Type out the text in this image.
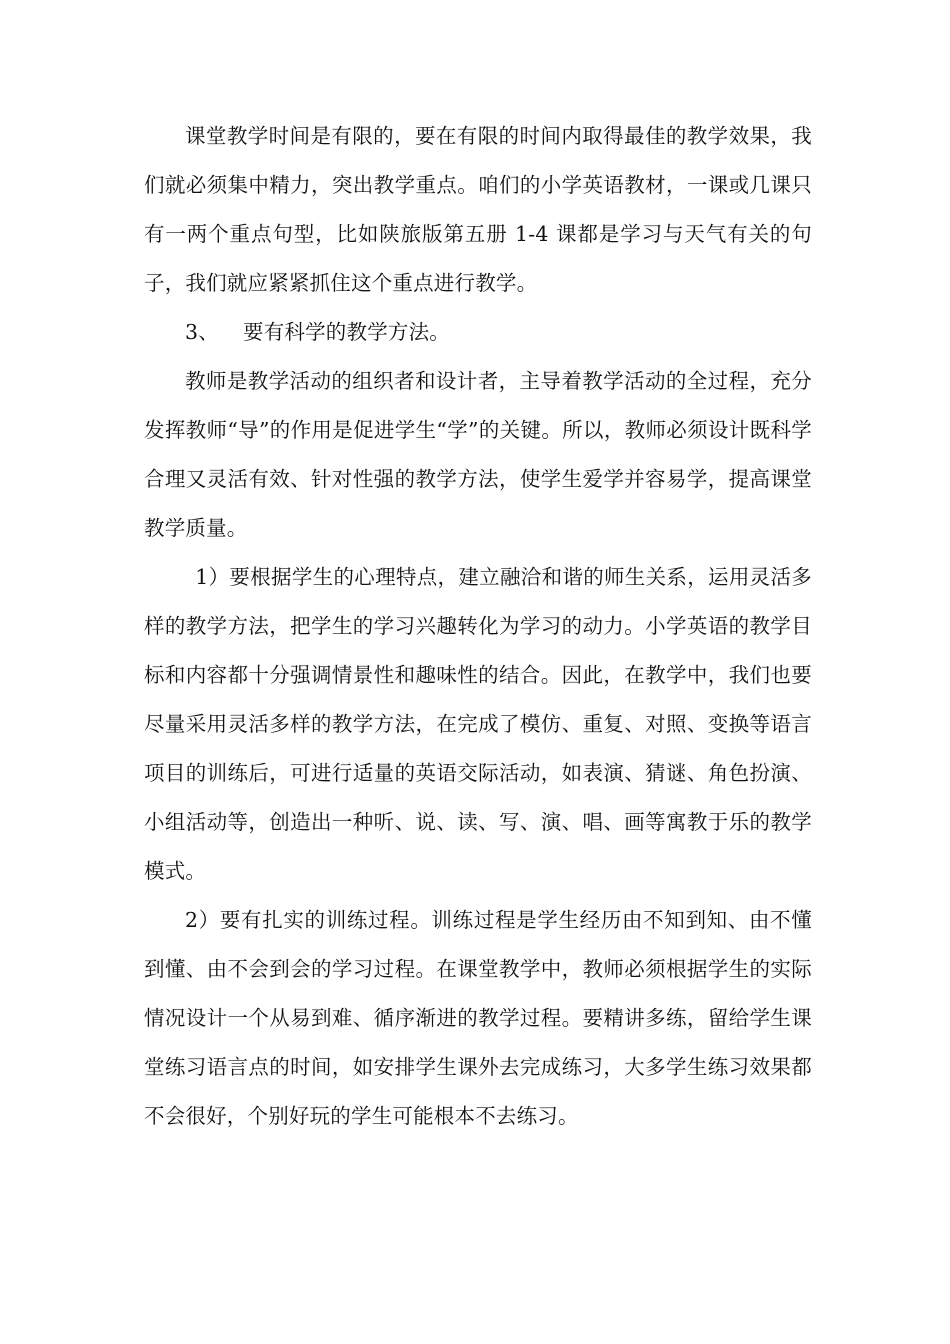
课堂教学时间是有限的，要在有限的时间内取得最佳的教学效果，我们就必须集中精力，突出教学重点。咱们的小学英语教材，一课或几课只有一两个重点句型，比如陕旅版第五册 1-4 课都是学习与天气有关的句子，我们就应紧紧抓住这个重点进行教学。

3、 要有科学的教学方法。

教师是教学活动的组织者和设计者，主导着教学活动的全过程，充分发挥教师“导”的作用是促进学生“学”的关键。所以，教师必须设计既科学合理又灵活有效、针对性强的教学方法，使学生爱学并容易学，提高课堂教学质量。

1）要根据学生的心理特点，建立融洽和谐的师生关系，运用灵活多样的教学方法，把学生的学习兴趣转化为学习的动力。小学英语的教学目标和内容都十分强调情景性和趣味性的结合。因此，在教学中，我们也要尽量采用灵活多样的教学方法，在完成了模仿、重复、对照、变换等语言项目的训练后，可进行适量的英语交际活动，如表演、猜谜、角色扮演、小组活动等，创造出一种听、说、读、写、演、唱、画等寓教于乐的教学模式。

2）要有扎实的训练过程。训练过程是学生经历由不知到知、由不懂到懂、由不会到会的学习过程。在课堂教学中，教师必须根据学生的实际情况设计一个从易到难、循序渐进的教学过程。要精讲多练，留给学生课堂练习语言点的时间，如安排学生课外去完成练习，大多学生练习效果都不会很好，个别好玩的学生可能根本不去练习。
